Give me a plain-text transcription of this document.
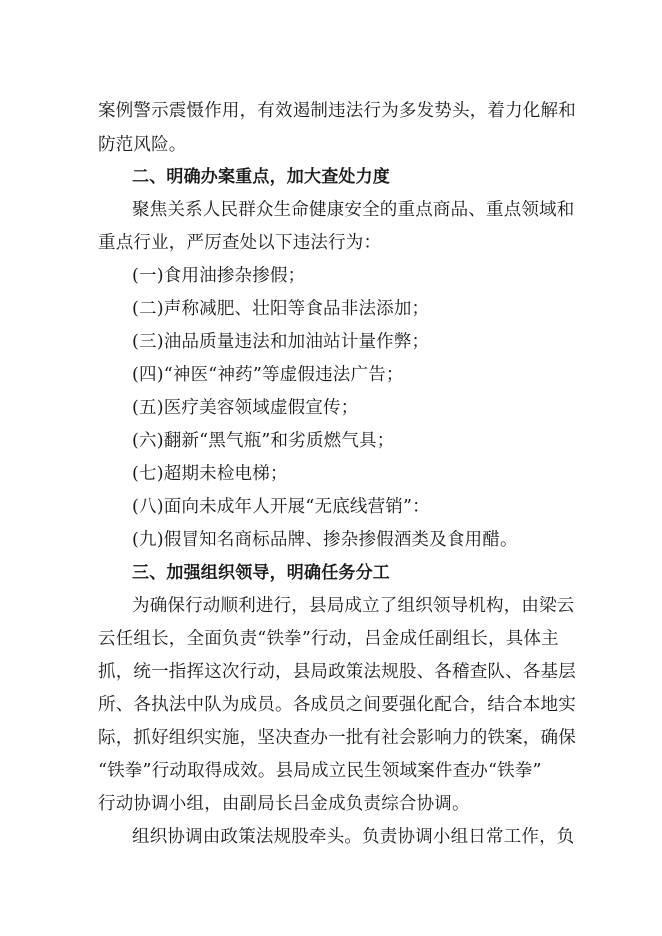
案例警示震慑作用，有效遏制违法行为多发势头，着力化解和
防范风险。
二、明确办案重点，加大查处力度
聚焦关系人民群众生命健康安全的重点商品、重点领域和
重点行业，严厉查处以下违法行为：
(一)食用油掺杂掺假；
(二)声称减肥、壮阳等食品非法添加；
(三)油品质量违法和加油站计量作弊；
(四)“神医“神药”等虚假违法广告；
(五)医疗美容领域虚假宣传；
(六)翻新“黑气瓶”和劣质燃气具；
(七)超期未检电梯；
(八)面向未成年人开展“无底线营销”：
(九)假冒知名商标品牌、掺杂掺假酒类及食用醋。
三、加强组织领导，明确任务分工
为确保行动顺利进行，县局成立了组织领导机构，由梁云
云任组长，全面负责“铁拳”行动，吕金成任副组长，具体主
抓，统一指挥这次行动，县局政策法规股、各稽查队、各基层
所、各执法中队为成员。各成员之间要强化配合，结合本地实
际，抓好组织实施，坚决查办一批有社会影响力的铁案，确保
“铁拳”行动取得成效。县局成立民生领域案件查办“铁拳”
行动协调小组，由副局长吕金成负责综合协调。
组织协调由政策法规股牵头。负责协调小组日常工作，负
